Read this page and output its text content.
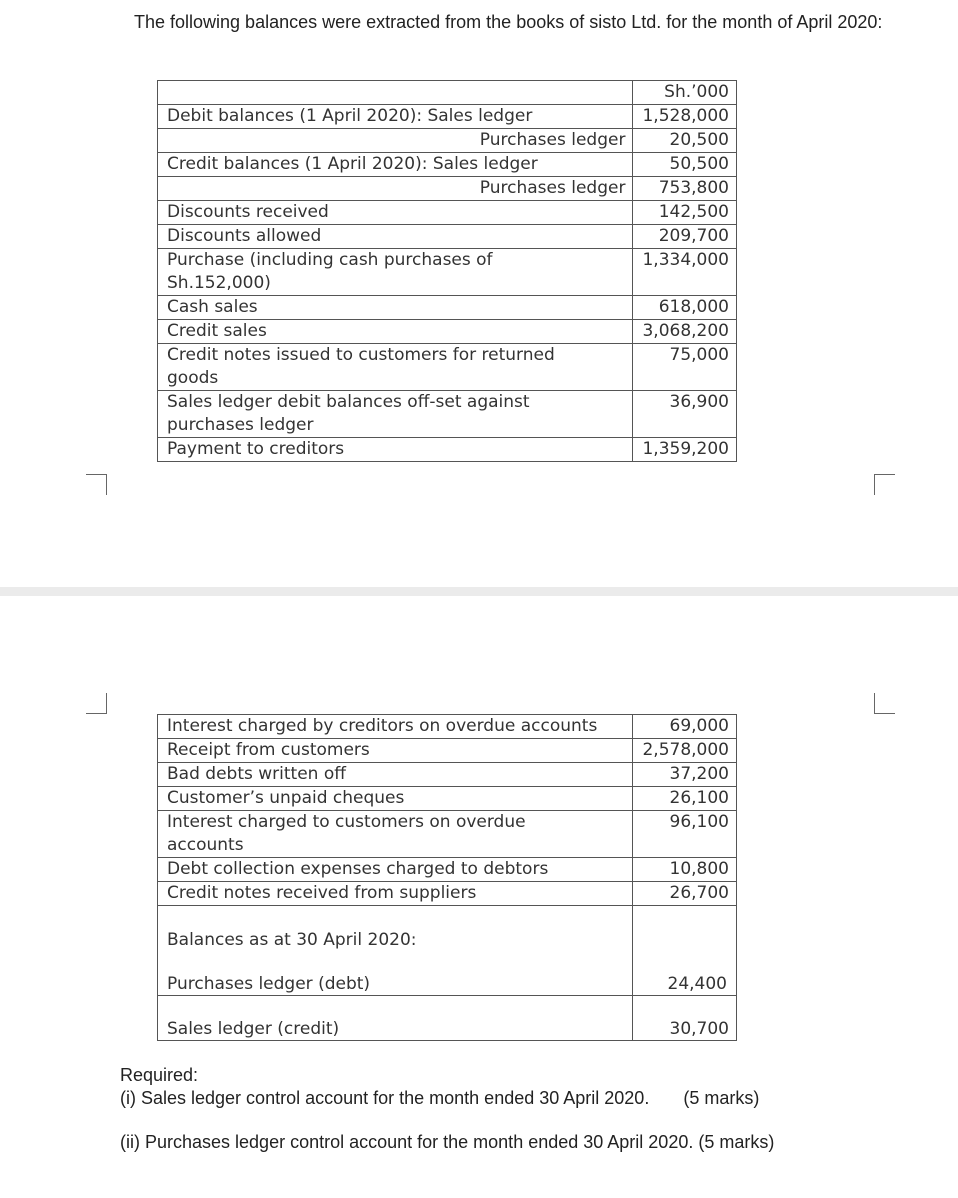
The following balances were extracted from the books of sisto Ltd. for the month of April 2020:
	Sh.’000
Debit balances (1 April 2020): Sales ledger	1,528,000
Purchases ledger	20,500
Credit balances (1 April 2020): Sales ledger	50,500
Purchases ledger	753,800
Discounts received	142,500
Discounts allowed	209,700
Purchase (including cash purchases of Sh.152,000)	1,334,000
Cash sales	618,000
Credit sales	3,068,200
Credit notes issued to customers for returned goods	75,000
Sales ledger debit balances off-set against purchases ledger	36,900
Payment to creditors	1,359,200
Interest charged by creditors on overdue accounts	69,000
Receipt from customers	2,578,000
Bad debts written off	37,200
Customer’s unpaid cheques	26,100
Interest charged to customers on overdue accounts	96,100
Debt collection expenses charged to debtors	10,800
Credit notes received from suppliers	26,700

Balances as at 30 April 2020:
Purchases ledger (debt)	24,400
Sales ledger (credit)	30,700

Required:

(i) Sales ledger control account for the month ended 30 April 2020. (5 marks)

(ii) Purchases ledger control account for the month ended 30 April 2020. (5 marks)
